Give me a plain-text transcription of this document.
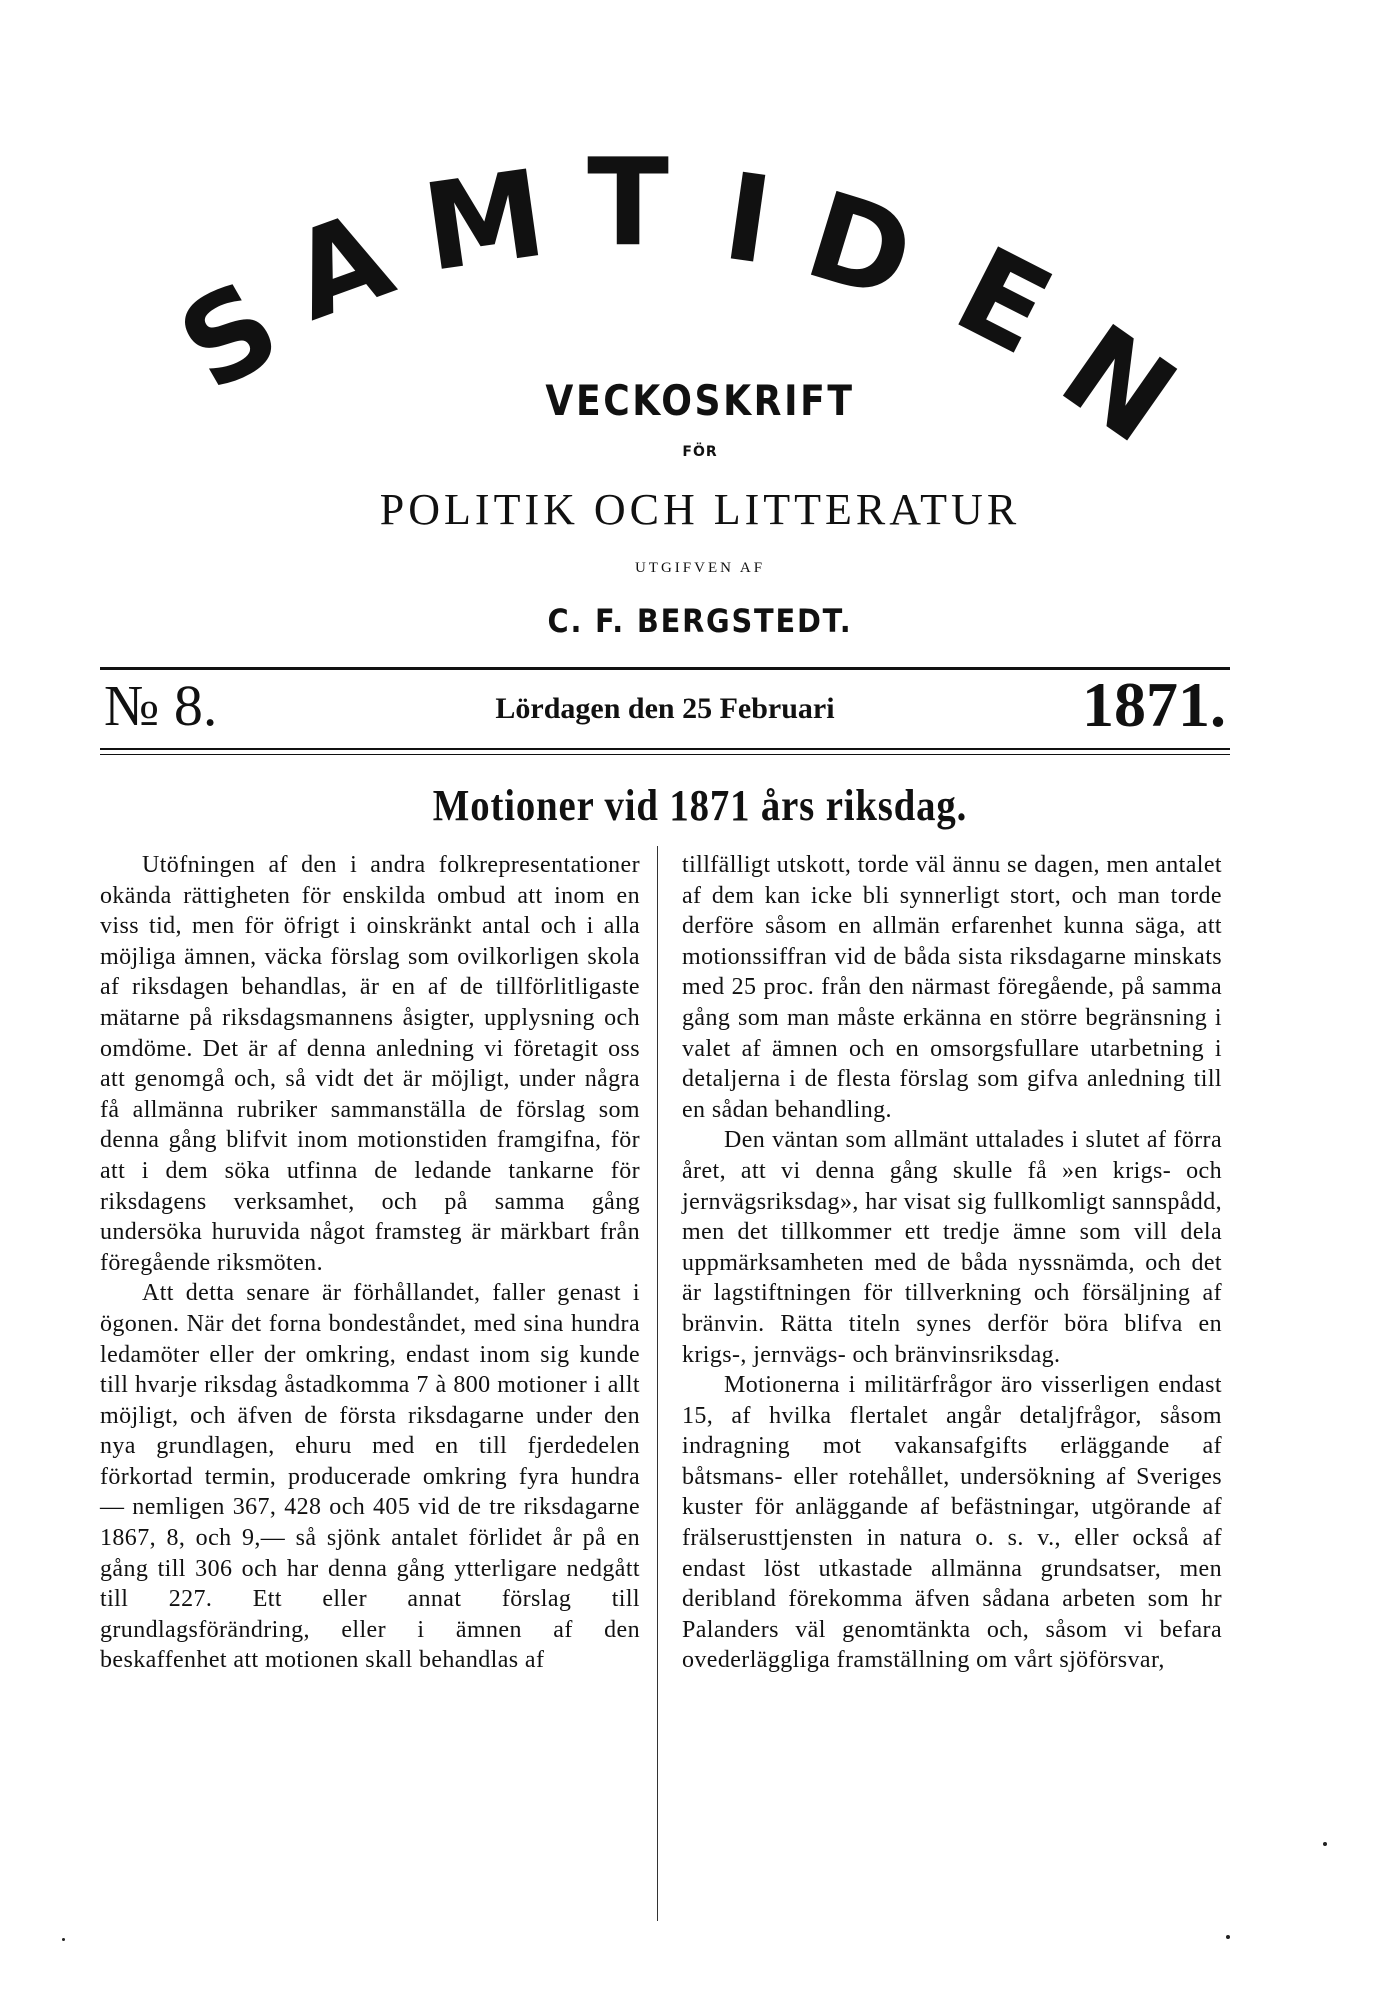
S
A M T I D E
N
VECKOSKRIFT
FÖR
POLITIK OCH LITTERATUR
UTGIFVEN AF
C. F. BERGSTEDT.
№ 8.	Lördagen den 25 Februari	1871.
Motioner vid 1871 års riksdag.

Utöfningen af den i andra folkrepresentationer okända rättigheten för enskilda ombud att inom en viss tid, men för öfrigt i oinskränkt antal och i alla möjliga ämnen, väcka förslag som ovilkorligen skola af riksdagen behandlas, är en af de tillförlitligaste mätarne på riksdagsmannens åsigter, upplysning och omdöme. Det är af denna anledning vi företagit oss att genomgå och, så vidt det är möjligt, under några få allmänna rubriker sammanställa de förslag som denna gång blifvit inom motionstiden framgifna, för att i dem söka utfinna de ledande tankarne för riksdagens verksamhet, och på samma gång undersöka huruvida något framsteg är märkbart från föregående riksmöten.

Att detta senare är förhållandet, faller genast i ögonen. När det forna bondeståndet, med sina hundra ledamöter eller der omkring, endast inom sig kunde till hvarje riksdag åstadkomma 7 à 800 motioner i allt möjligt, och äfven de första riksdagarne under den nya grundlagen, ehuru med en till fjerdedelen förkortad termin, producerade omkring fyra hundra — nemligen 367, 428 och 405 vid de tre riksdagarne 1867, 8, och 9,— så sjönk antalet förlidet år på en gång till 306 och har denna gång ytterligare nedgått till 227. Ett eller annat förslag till grundlagsförändring, eller i ämnen af den beskaffenhet att motionen skall behandlas af

tillfälligt utskott, torde väl ännu se dagen, men antalet af dem kan icke bli synnerligt stort, och man torde derföre såsom en allmän erfarenhet kunna säga, att motionssiffran vid de båda sista riksdagarne minskats med 25 proc. från den närmast föregående, på samma gång som man måste erkänna en större begränsning i valet af ämnen och en omsorgsfullare utarbetning i detaljerna i de flesta förslag som gifva anledning till en sådan behandling.

Den väntan som allmänt uttalades i slutet af förra året, att vi denna gång skulle få »en krigs- och jernvägsriksdag», har visat sig fullkomligt sannspådd, men det tillkommer ett tredje ämne som vill dela uppmärksamheten med de båda nyssnämda, och det är lagstiftningen för tillverkning och försäljning af bränvin. Rätta titeln synes derför böra blifva en krigs-, jernvägs- och bränvinsriksdag.

Motionerna i militärfrågor äro visserligen endast 15, af hvilka flertalet angår detaljfrågor, såsom indragning mot vakansafgifts erläggande af båtsmans- eller rotehållet, undersökning af Sveriges kuster för anläggande af befästningar, utgörande af frälserusttjensten in natura o. s. v., eller också af endast löst utkastade allmänna grundsatser, men deribland förekomma äfven sådana arbeten som hr Palanders väl genomtänkta och, såsom vi befara ovederläggliga framställning om vårt sjöförsvar,
